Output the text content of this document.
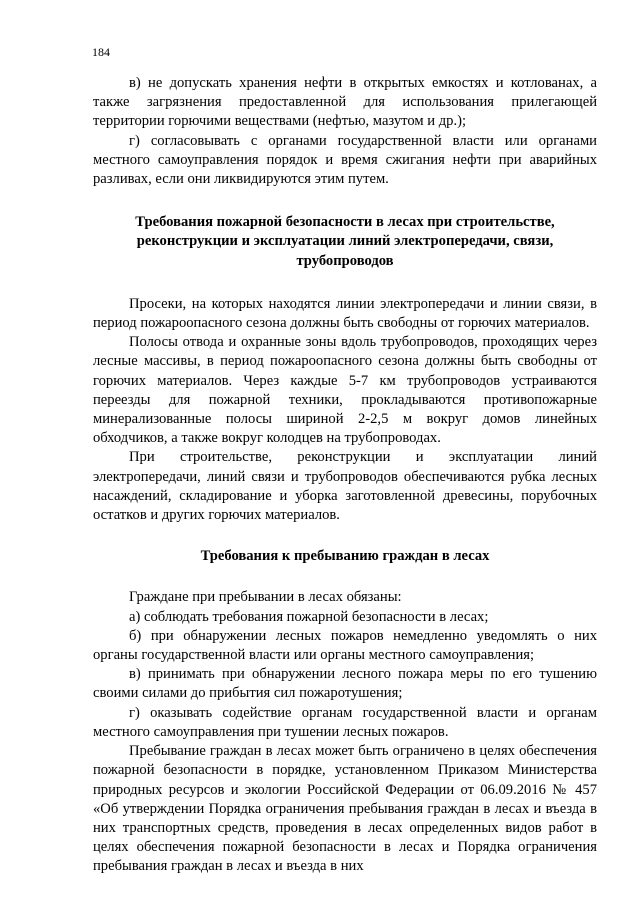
184

в) не допускать хранения нефти в открытых емкостях и котлованах, а также загрязнения предоставленной для использования прилегающей территории горючими веществами (нефтью, мазутом и др.);

г) согласовывать с органами государственной власти или органами местного самоуправления порядок и время сжигания нефти при аварийных разливах, если они ликвидируются этим путем.

Требования пожарной безопасности в лесах при строительстве, реконструкции и эксплуатации линий электропередачи, связи, трубопроводов

Просеки, на которых находятся линии электропередачи и линии связи, в период пожароопасного сезона должны быть свободны от горючих материалов.

Полосы отвода и охранные зоны вдоль трубопроводов, проходящих через лесные массивы, в период пожароопасного сезона должны быть свободны от горючих материалов. Через каждые 5-7 км трубопроводов устраиваются переезды для пожарной техники, прокладываются противопожарные минерализованные полосы шириной 2-2,5 м вокруг домов линейных обходчиков, а также вокруг колодцев на трубопроводах.

При строительстве, реконструкции и эксплуатации линий электропередачи, линий связи и трубопроводов обеспечиваются рубка лесных насаждений, складирование и уборка заготовленной древесины, порубочных остатков и других горючих материалов.

Требования к пребыванию граждан в лесах

Граждане при пребывании в лесах обязаны:

а) соблюдать требования пожарной безопасности в лесах;

б) при обнаружении лесных пожаров немедленно уведомлять о них органы государственной власти или органы местного самоуправления;

в) принимать при обнаружении лесного пожара меры по его тушению своими силами до прибытия сил пожаротушения;

г) оказывать содействие органам государственной власти и органам местного самоуправления при тушении лесных пожаров.

Пребывание граждан в лесах может быть ограничено в целях обеспечения пожарной безопасности в порядке, установленном Приказом Министерства природных ресурсов и экологии Российской Федерации от 06.09.2016 № 457 «Об утверждении Порядка ограничения пребывания граждан в лесах и въезда в них транспортных средств, проведения в лесах определенных видов работ в целях обеспечения пожарной безопасности в лесах и Порядка ограничения пребывания граждан в лесах и въезда в них
